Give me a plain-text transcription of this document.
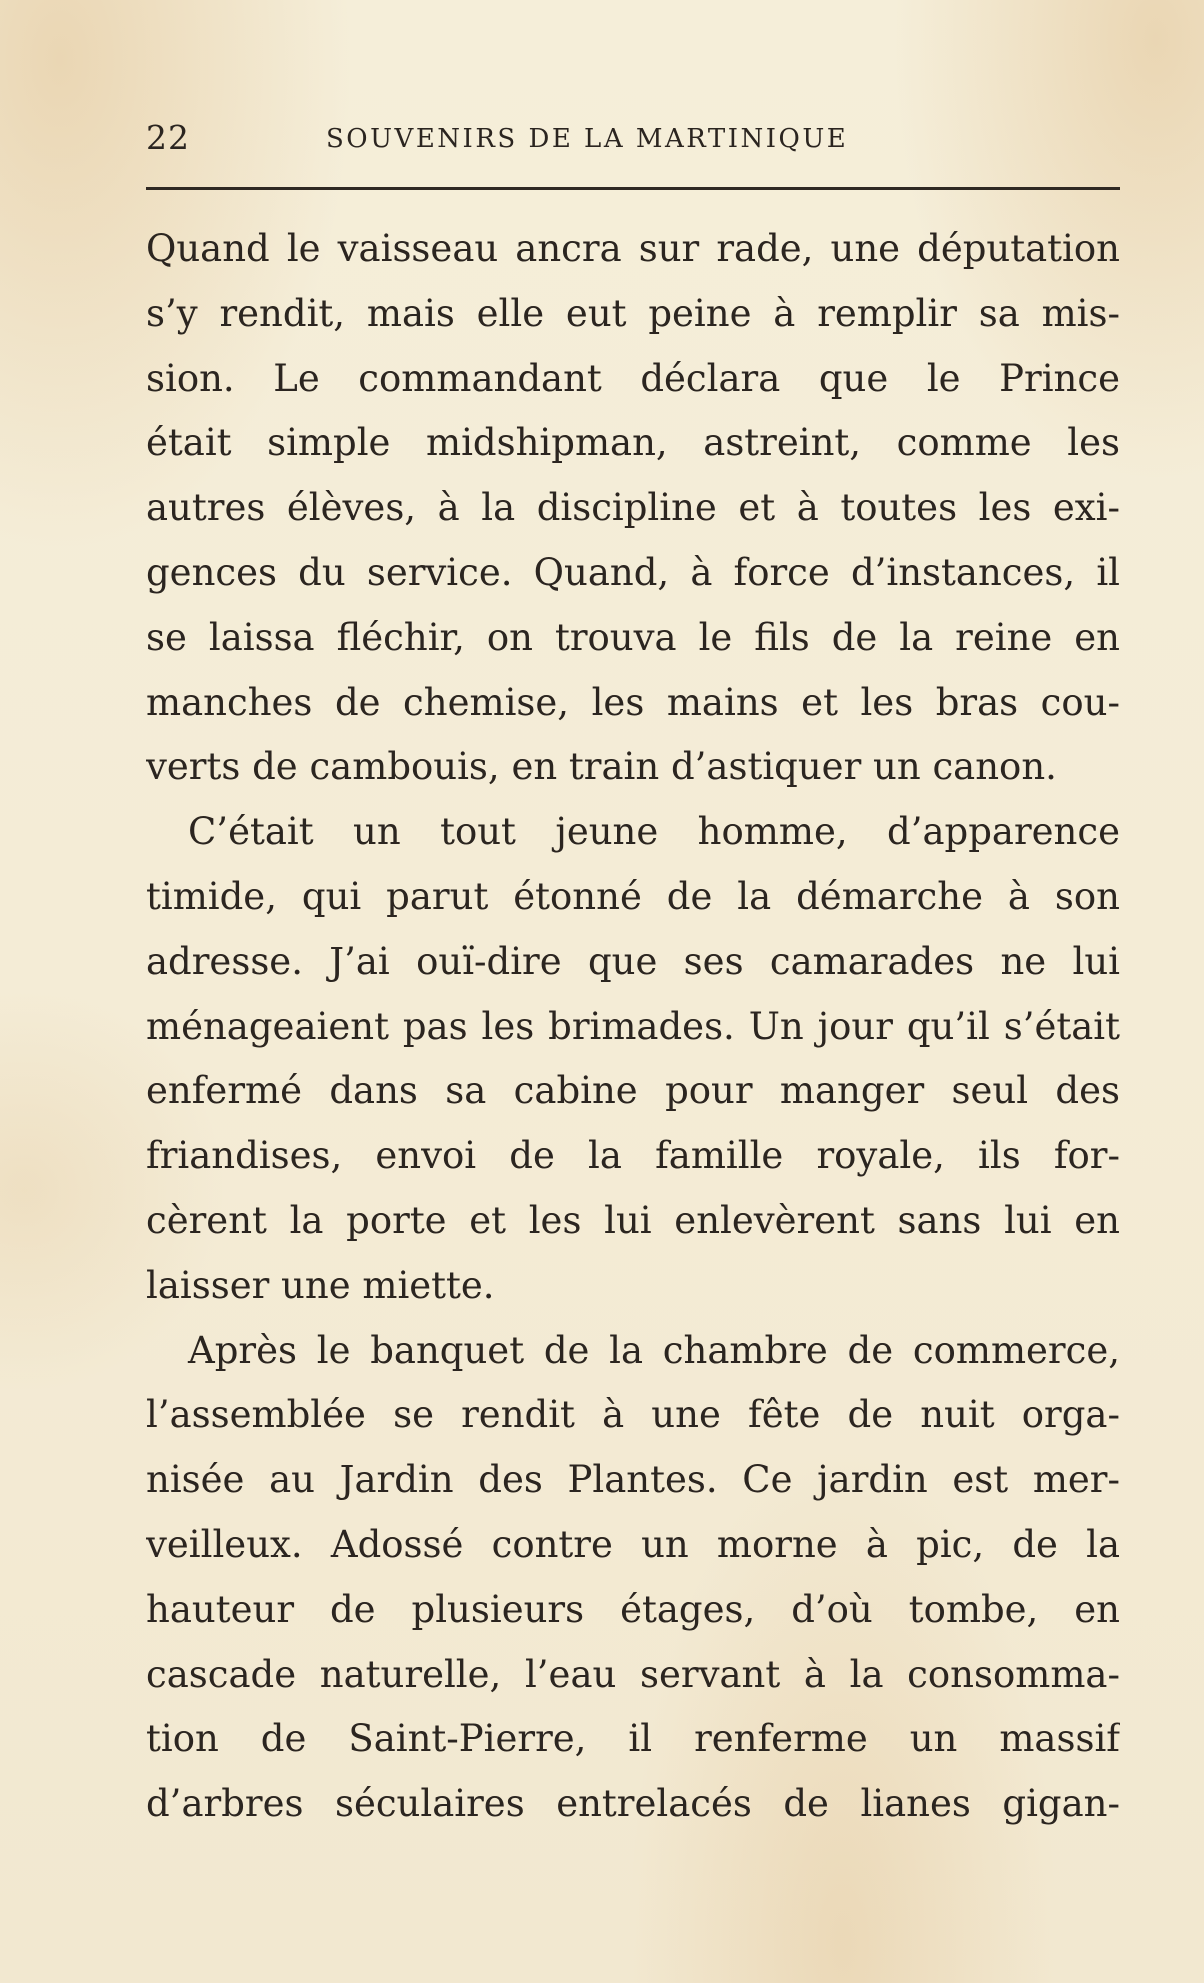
22	SOUVENIRS DE LA MARTINIQUE
Quand le vaisseau ancra sur rade, une députation
s’y rendit, mais elle eut peine à remplir sa mis-
sion. Le commandant déclara que le Prince
était simple midshipman, astreint, comme les
autres élèves, à la discipline et à toutes les exi-
gences du service. Quand, à force d’instances, il
se laissa fléchir, on trouva le fils de la reine en
manches de chemise, les mains et les bras cou-
verts de cambouis, en train d’astiquer un canon.
C’était un tout jeune homme, d’apparence
timide, qui parut étonné de la démarche à son
adresse. J’ai ouï-dire que ses camarades ne lui
ménageaient pas les brimades. Un jour qu’il s’était
enfermé dans sa cabine pour manger seul des
friandises, envoi de la famille royale, ils for-
cèrent la porte et les lui enlevèrent sans lui en
laisser une miette.
Après le banquet de la chambre de commerce,
l’assemblée se rendit à une fête de nuit orga-
nisée au Jardin des Plantes. Ce jardin est mer-
veilleux. Adossé contre un morne à pic, de la
hauteur de plusieurs étages, d’où tombe, en
cascade naturelle, l’eau servant à la consomma-
tion de Saint-Pierre, il renferme un massif
d’arbres séculaires entrelacés de lianes gigan-
